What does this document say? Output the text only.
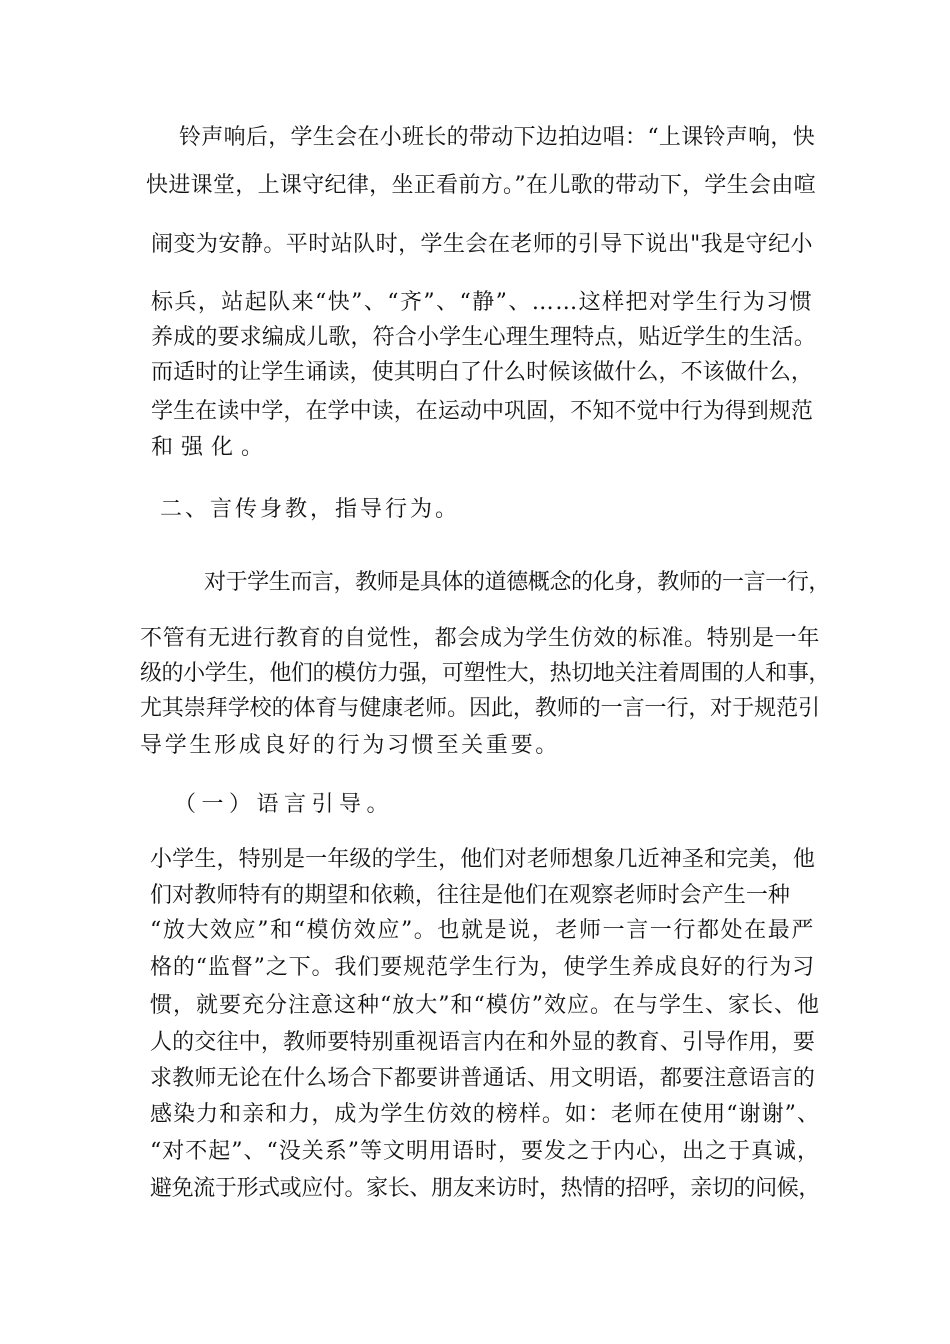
铃声响后，学生会在小班长的带动下边拍边唱：“上课铃声响，快
快进课堂，上课守纪律，坐正看前方。”在儿歌的带动下，学生会由喧
闹变为安静。平时站队时，学生会在老师的引导下说出"我是守纪小
标兵，站起队来“快”、“齐”、“静”、……这样把对学生行为习惯
养成的要求编成儿歌，符合小学生心理生理特点，贴近学生的生活。
而适时的让学生诵读，使其明白了什么时候该做什么，不该做什么，
学生在读中学，在学中读，在运动中巩固，不知不觉中行为得到规范
和强化。
二、言传身教，指导行为。
对于学生而言，教师是具体的道德概念的化身，教师的一言一行，
不管有无进行教育的自觉性，都会成为学生仿效的标准。特别是一年
级的小学生，他们的模仿力强，可塑性大，热切地关注着周围的人和事，
尤其崇拜学校的体育与健康老师。因此，教师的一言一行，对于规范引
导学生形成良好的行为习惯至关重要。
（一）语言引导。
小学生，特别是一年级的学生，他们对老师想象几近神圣和完美，他
们对教师特有的期望和依赖，往往是他们在观察老师时会产生一种
“放大效应”和“模仿效应”。也就是说，老师一言一行都处在最严
格的“监督”之下。我们要规范学生行为，使学生养成良好的行为习
惯，就要充分注意这种“放大”和“模仿”效应。在与学生、家长、他
人的交往中，教师要特别重视语言内在和外显的教育、引导作用，要
求教师无论在什么场合下都要讲普通话、用文明语，都要注意语言的
感染力和亲和力，成为学生仿效的榜样。如：老师在使用“谢谢”、
“对不起”、“没关系”等文明用语时，要发之于内心，出之于真诚，
避免流于形式或应付。家长、朋友来访时，热情的招呼，亲切的问候，
